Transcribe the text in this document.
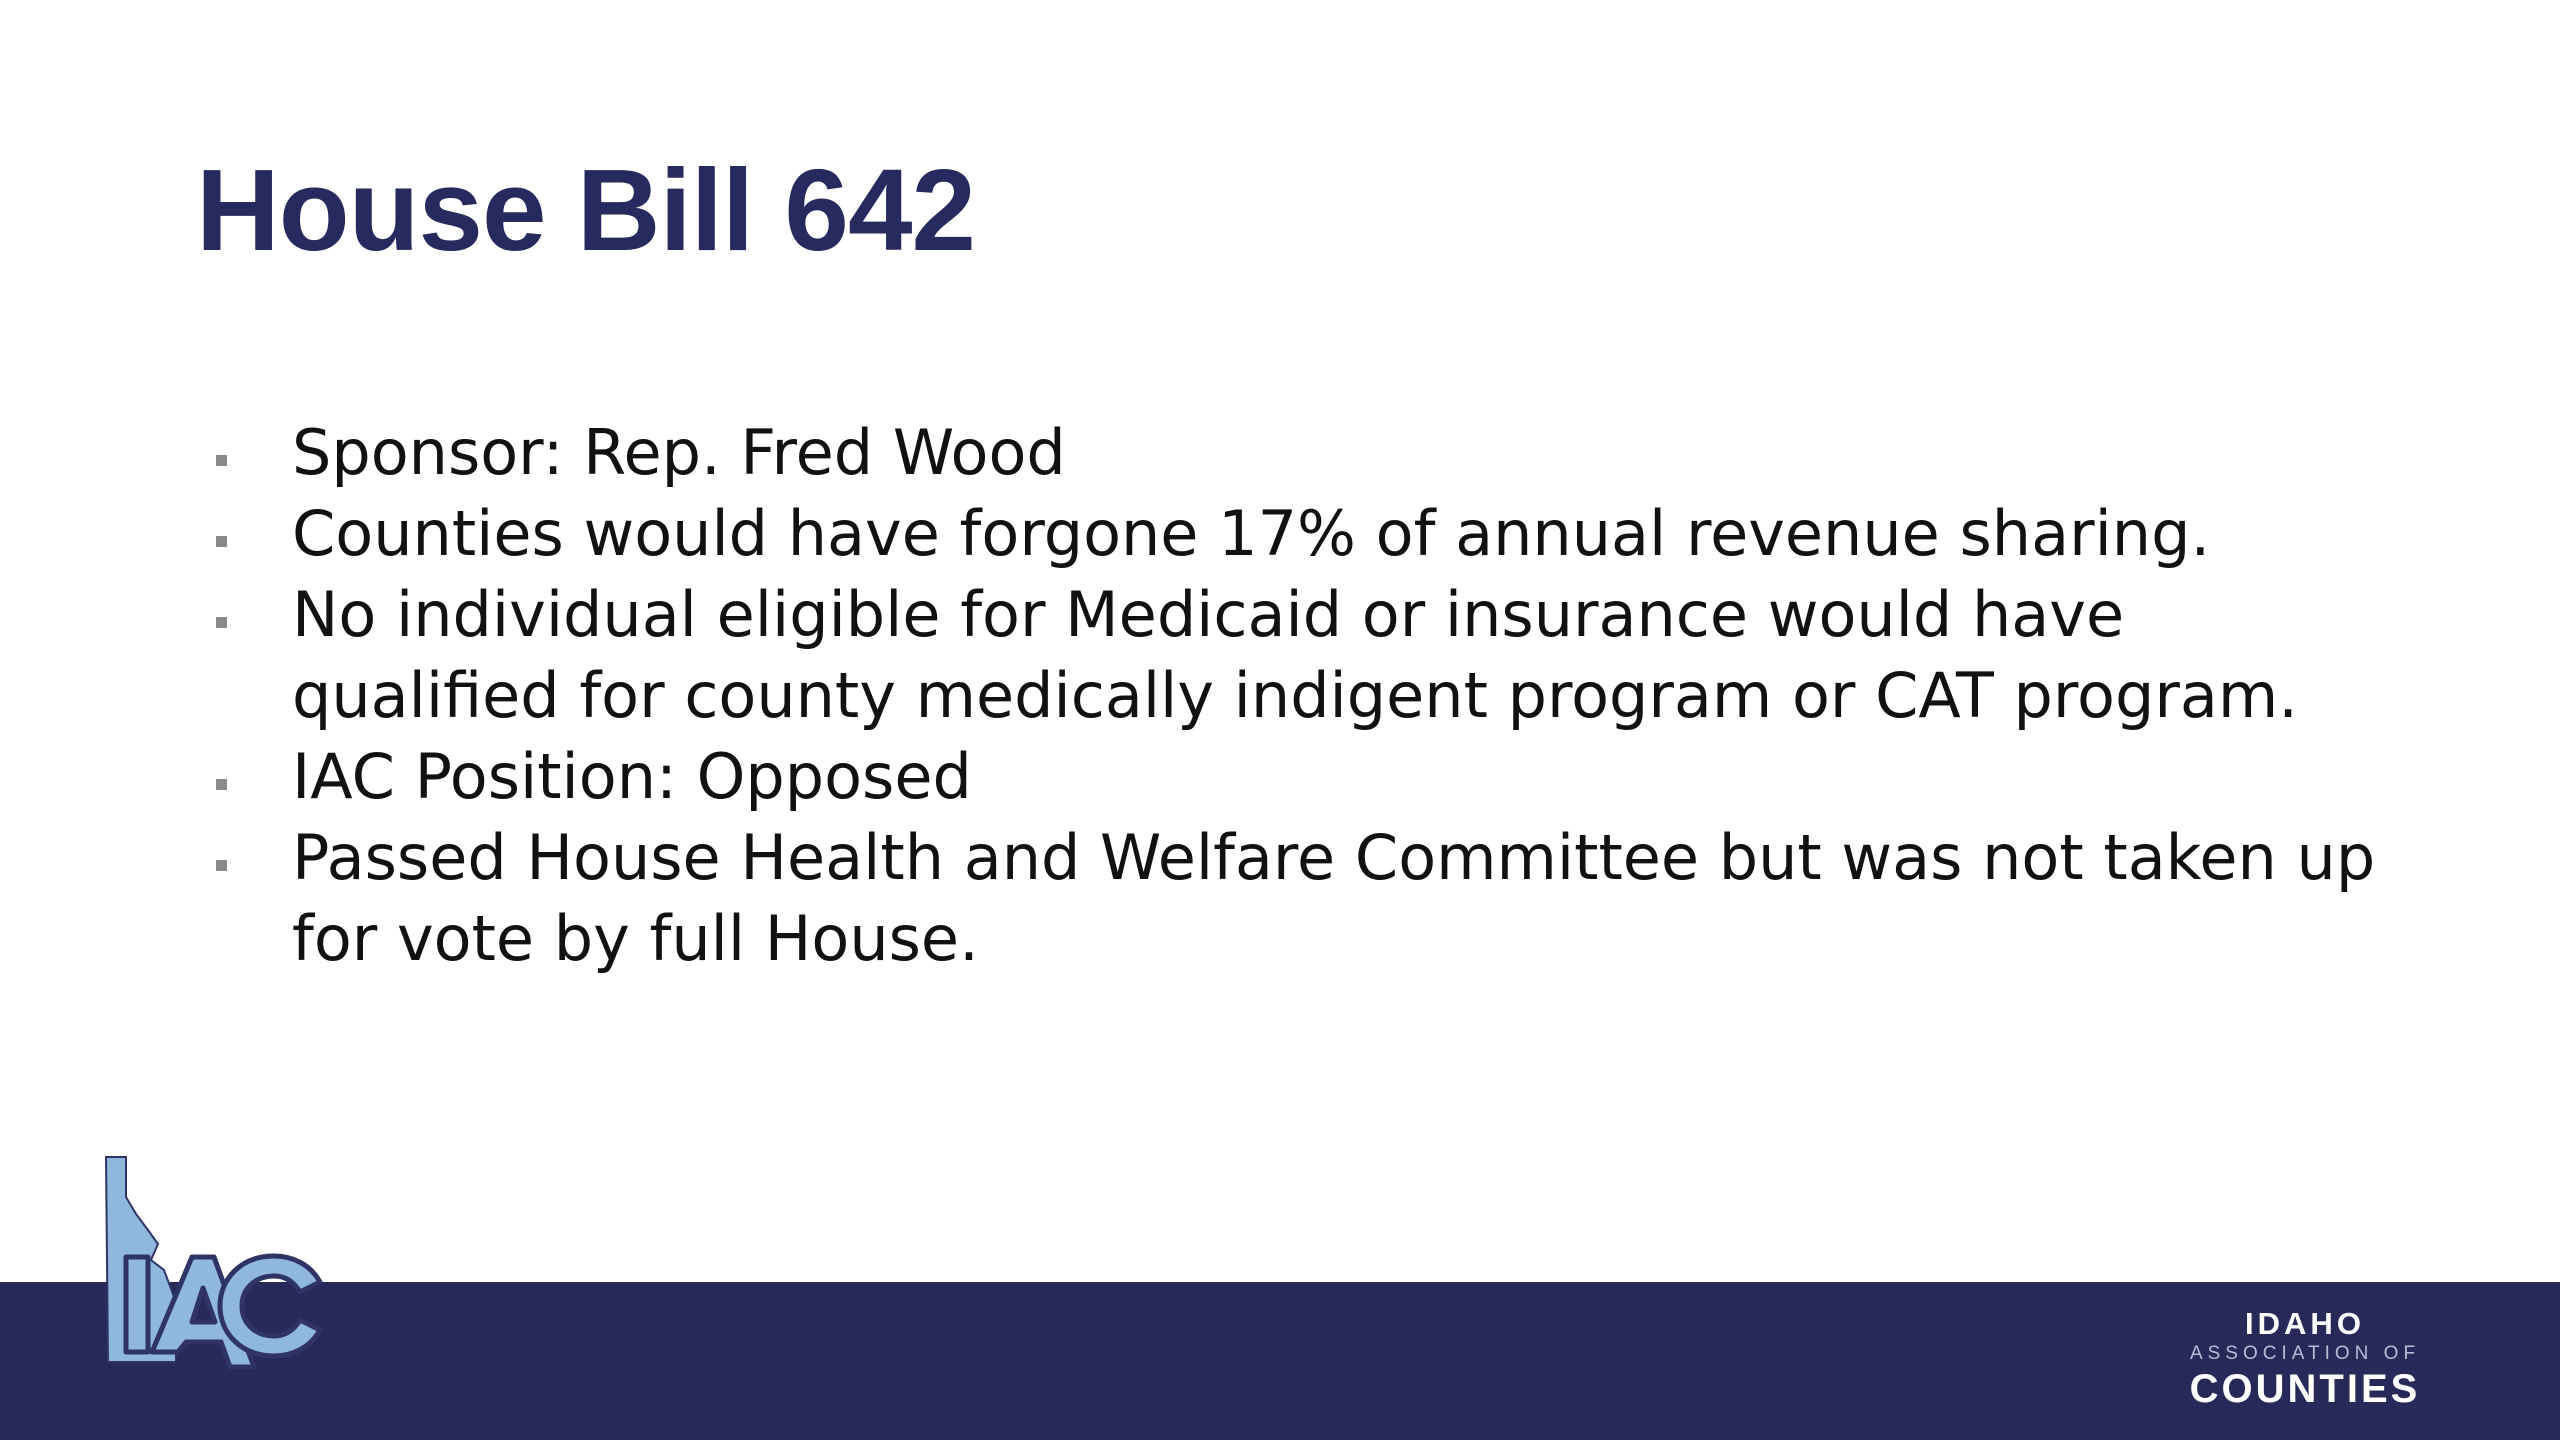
House Bill 642
Sponsor: Rep. Fred Wood
Counties would have forgone 17% of annual revenue sharing.
No individual eligible for Medicaid or insurance would have qualified for county medically indigent program or CAT program.
IAC Position: Opposed
Passed House Health and Welfare Committee but was not taken up for vote by full House.
IDAHO
ASSOCIATION OF
COUNTIES
